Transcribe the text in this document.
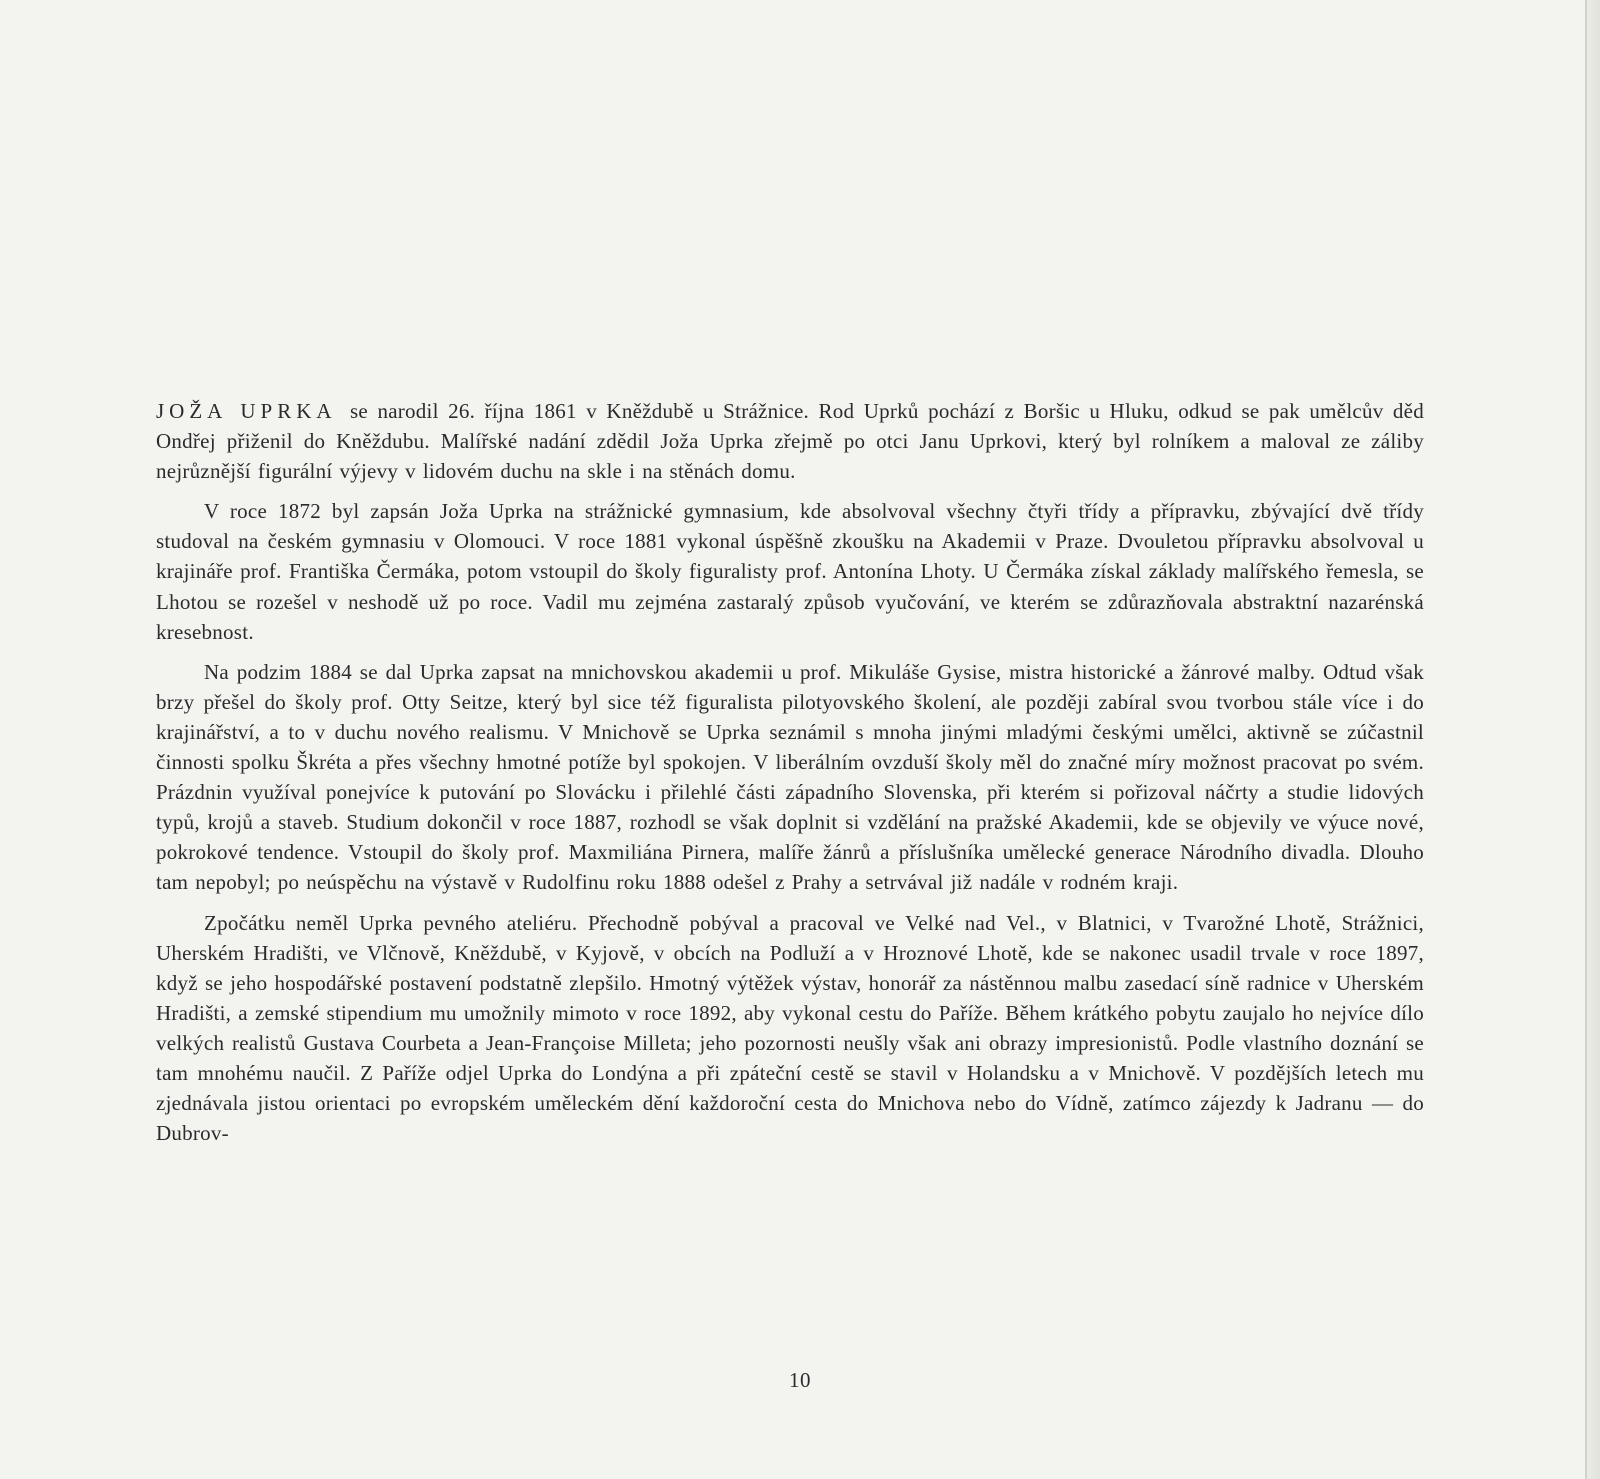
JOŽA UPRKA se narodil 26. října 1861 v Kněždubě u Strážnice. Rod Uprků pochází z Boršic u Hluku, odkud se pak umělcův děd Ondřej přiženil do Kněždubu. Malířské nadání zdědil Joža Uprka zřejmě po otci Janu Uprkovi, který byl rolníkem a maloval ze záliby nejrůznější figurální výjevy v lidovém duchu na skle i na stěnách domu.

V roce 1872 byl zapsán Joža Uprka na strážnické gymnasium, kde absolvoval všechny čtyři třídy a přípravku, zbývající dvě třídy studoval na českém gymnasiu v Olomouci. V roce 1881 vykonal úspěšně zkoušku na Akademii v Praze. Dvouletou přípravku absolvoval u krajináře prof. Františka Čermáka, potom vstoupil do školy figuralisty prof. Antonína Lhoty. U Čermáka získal základy malířského řemesla, se Lhotou se rozešel v neshodě už po roce. Vadil mu zejména zastaralý způsob vyučování, ve kterém se zdůrazňovala abstraktní nazarénská kresebnost.

Na podzim 1884 se dal Uprka zapsat na mnichovskou akademii u prof. Mikuláše Gysise, mistra historické a žánrové malby. Odtud však brzy přešel do školy prof. Otty Seitze, který byl sice též figuralista pilotyovského školení, ale později zabíral svou tvorbou stále více i do krajinářství, a to v duchu nového realismu. V Mnichově se Uprka seznámil s mnoha jinými mladými českými umělci, aktivně se zúčastnil činnosti spolku Škréta a přes všechny hmotné potíže byl spokojen. V liberálním ovzduší školy měl do značné míry možnost pracovat po svém. Prázdnin využíval ponejvíce k putování po Slovácku i přilehlé části západního Slovenska, při kterém si pořizoval náčrty a studie lidových typů, krojů a staveb. Studium dokončil v roce 1887, rozhodl se však doplnit si vzdělání na pražské Akademii, kde se objevily ve výuce nové, pokrokové tendence. Vstoupil do školy prof. Maxmiliána Pirnera, malíře žánrů a příslušníka umělecké generace Národního divadla. Dlouho tam nepobyl; po neúspěchu na výstavě v Rudolfinu roku 1888 odešel z Prahy a setrvával již nadále v rodném kraji.

Zpočátku neměl Uprka pevného ateliéru. Přechodně pobýval a pracoval ve Velké nad Vel., v Blatnici, v Tvarožné Lhotě, Strážnici, Uherském Hradišti, ve Vlčnově, Kněždubě, v Kyjově, v obcích na Podluží a v Hroznové Lhotě, kde se nakonec usadil trvale v roce 1897, když se jeho hospodářské postavení podstatně zlepšilo. Hmotný výtěžek výstav, honorář za nástěnnou malbu zasedací síně radnice v Uherském Hradišti, a zemské stipendium mu umožnily mimoto v roce 1892, aby vykonal cestu do Paříže. Během krátkého pobytu zaujalo ho nejvíce dílo velkých realistů Gustava Courbeta a Jean-Françoise Milleta; jeho pozornosti neušly však ani obrazy impresionistů. Podle vlastního doznání se tam mnohému naučil. Z Paříže odjel Uprka do Londýna a při zpáteční cestě se stavil v Holandsku a v Mnichově. V pozdějších letech mu zjednávala jistou orientaci po evropském uměleckém dění každoroční cesta do Mnichova nebo do Vídně, zatímco zájezdy k Jadranu — do Dubrov-

10
